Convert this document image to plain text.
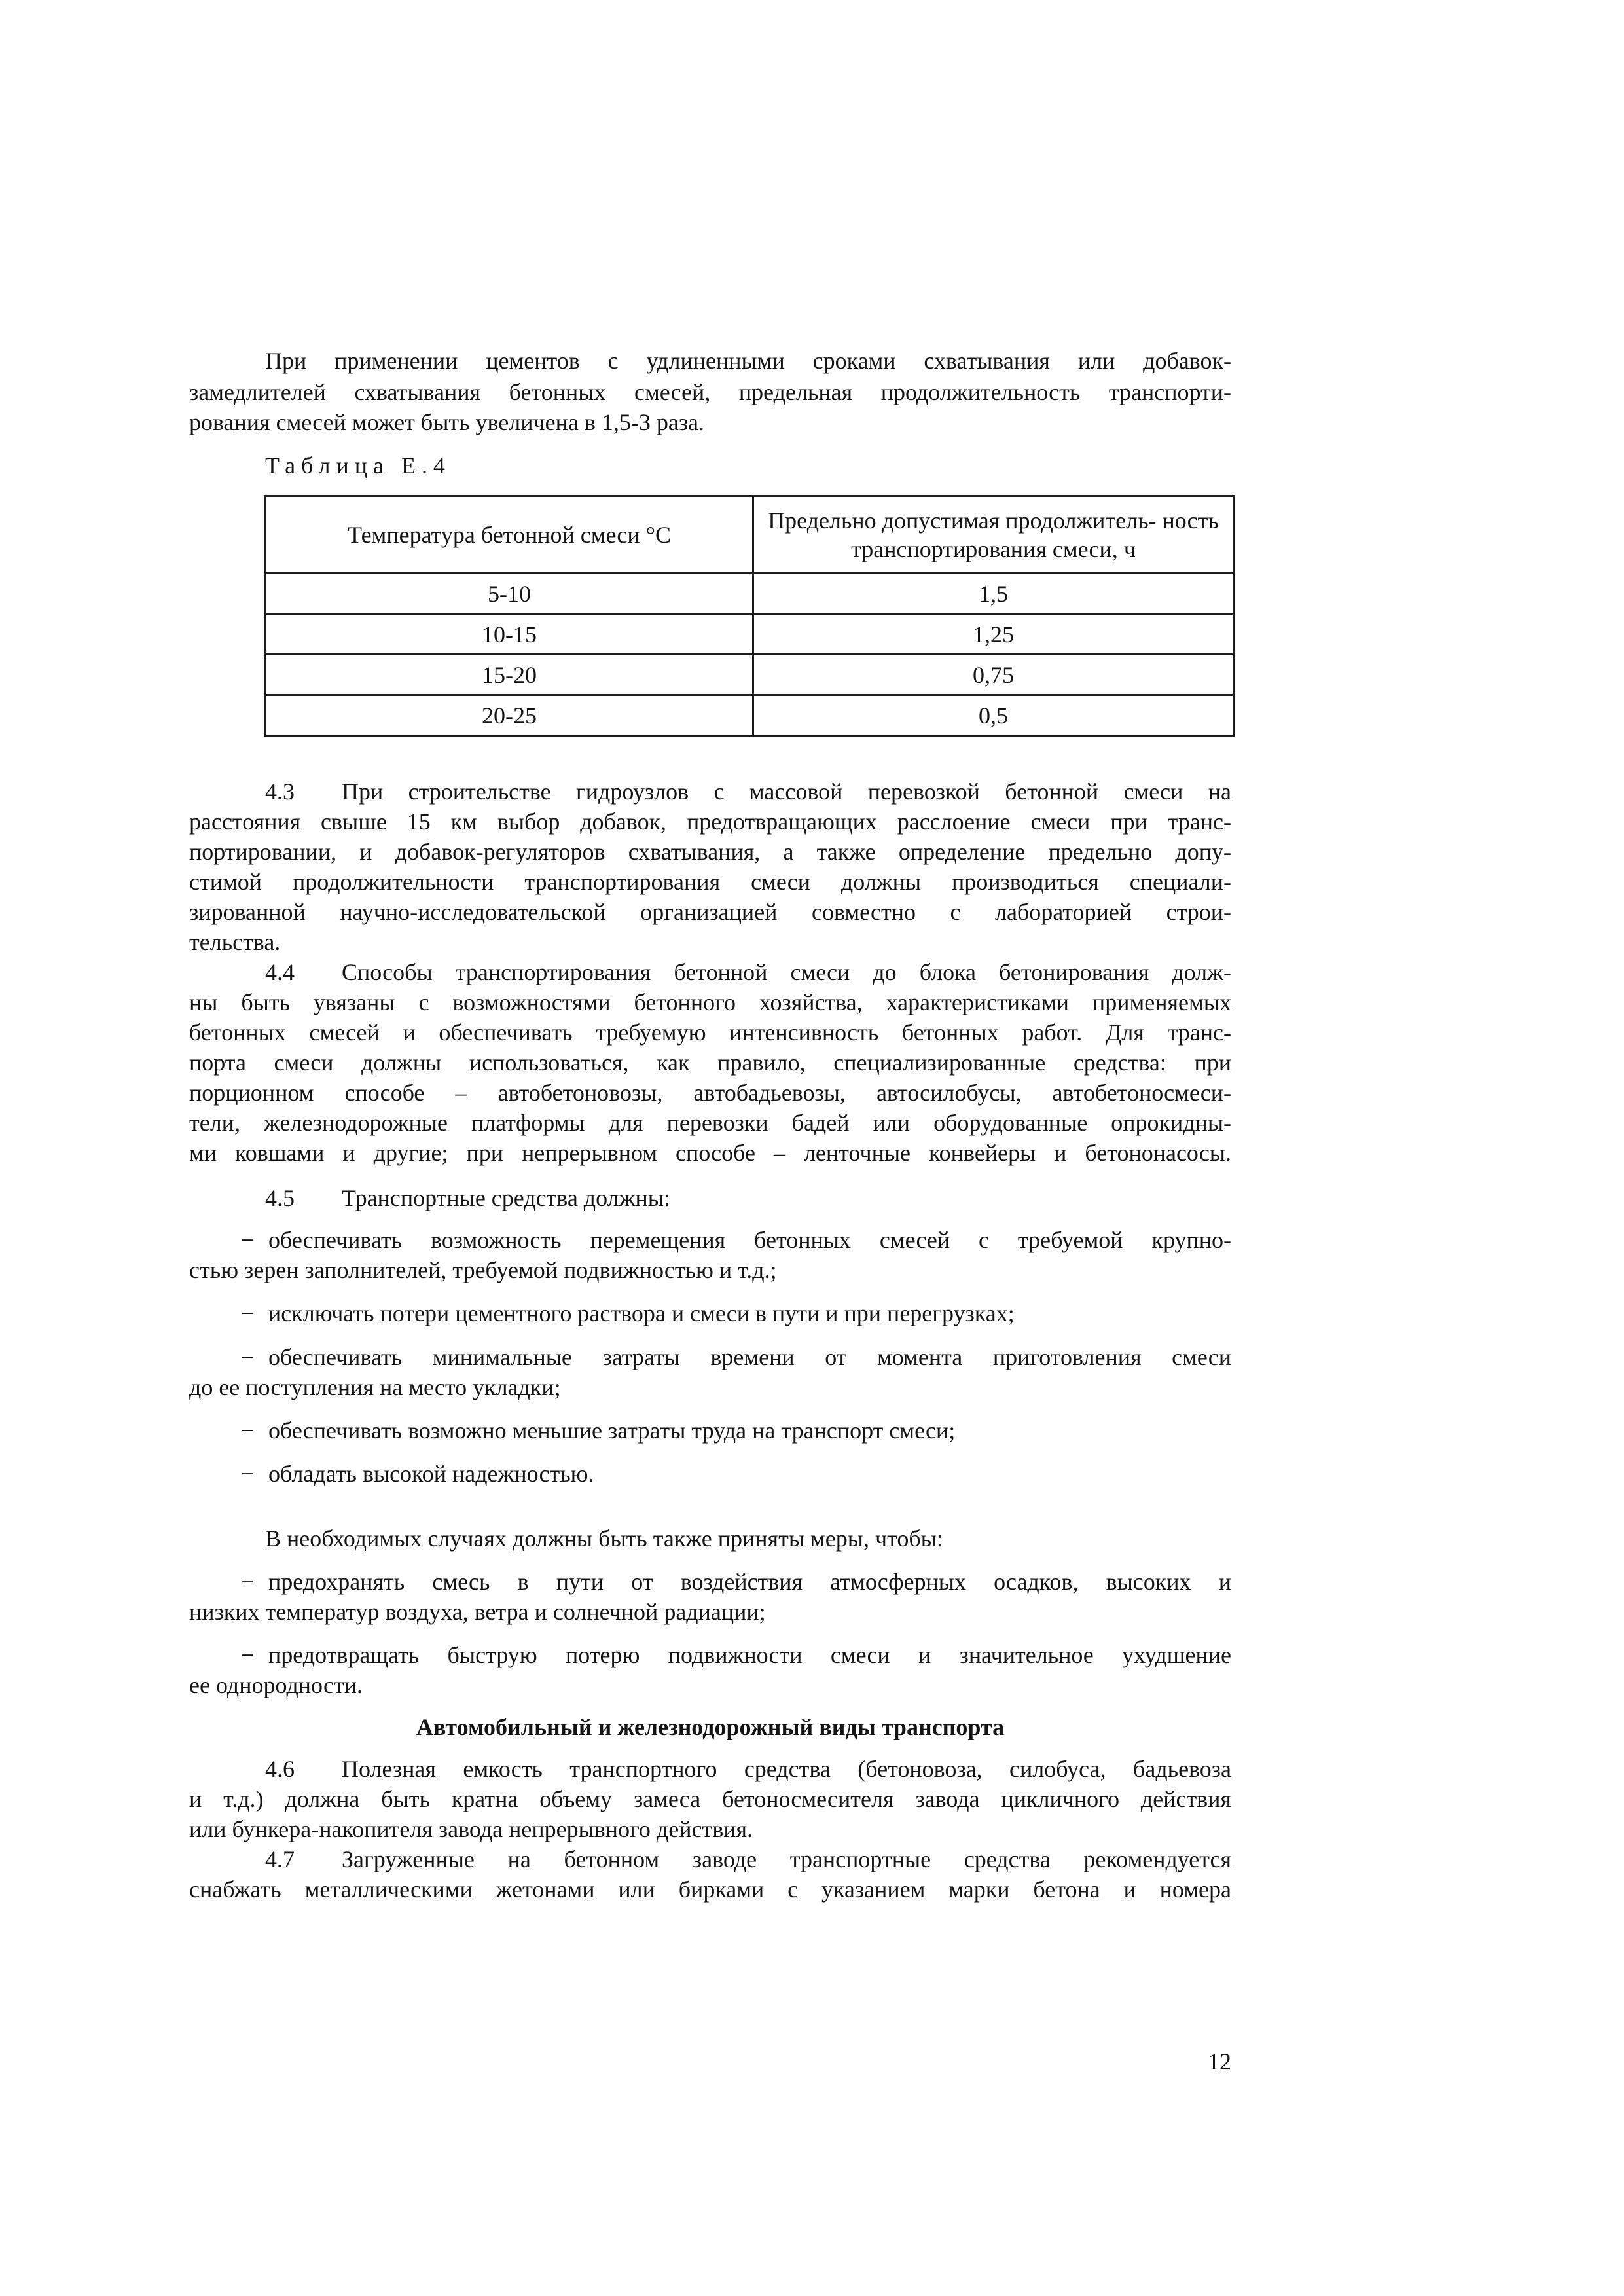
При применении цементов с удлиненными сроками схватывания или добавок-
замедлителей схватывания бетонных смесей, предельная продолжительность транспорти-
рования смесей может быть увеличена в 1,5-3 раза.
Таблица Е.4
Температура бетонной смеси °С	Предельно допустимая продолжитель- ность транспортирования смеси, ч
5-10	1,5
10-15	1,25
15-20	0,75
20-25	0,5
4.3 При строительстве гидроузлов с массовой перевозкой бетонной смеси на
расстояния свыше 15 км выбор добавок, предотвращающих расслоение смеси при транс-
портировании, и добавок-регуляторов схватывания, а также определение предельно допу-
стимой продолжительности транспортирования смеси должны производиться специали-
зированной научно-исследовательской организацией совместно с лабораторией строи-
тельства.
4.4 Способы транспортирования бетонной смеси до блока бетонирования долж-
ны быть увязаны с возможностями бетонного хозяйства, характеристиками применяемых
бетонных смесей и обеспечивать требуемую интенсивность бетонных работ. Для транс-
порта смеси должны использоваться, как правило, специализированные средства: при
порционном способе – автобетоновозы, автобадьевозы, автосилобусы, автобетоносмеси-
тели, железнодорожные платформы для перевозки бадей или оборудованные опрокидны-
ми ковшами и другие; при непрерывном способе – ленточные конвейеры и бетононасосы.
4.5 Транспортные средства должны:
− обеспечивать возможность перемещения бетонных смесей с требуемой крупно-
стью зерен заполнителей, требуемой подвижностью и т.д.;
− исключать потери цементного раствора и смеси в пути и при перегрузках;
− обеспечивать минимальные затраты времени от момента приготовления смеси
до ее поступления на место укладки;
− обеспечивать возможно меньшие затраты труда на транспорт смеси;
− обладать высокой надежностью.
В необходимых случаях должны быть также приняты меры, чтобы:
− предохранять смесь в пути от воздействия атмосферных осадков, высоких и
низких температур воздуха, ветра и солнечной радиации;
− предотвращать быструю потерю подвижности смеси и значительное ухудшение
ее однородности.
Автомобильный и железнодорожный виды транспорта
4.6 Полезная емкость транспортного средства (бетоновоза, силобуса, бадьевоза
и т.д.) должна быть кратна объему замеса бетоносмесителя завода цикличного действия
или бункера-накопителя завода непрерывного действия.
4.7 Загруженные на бетонном заводе транспортные средства рекомендуется
снабжать металлическими жетонами или бирками с указанием марки бетона и номера
12
